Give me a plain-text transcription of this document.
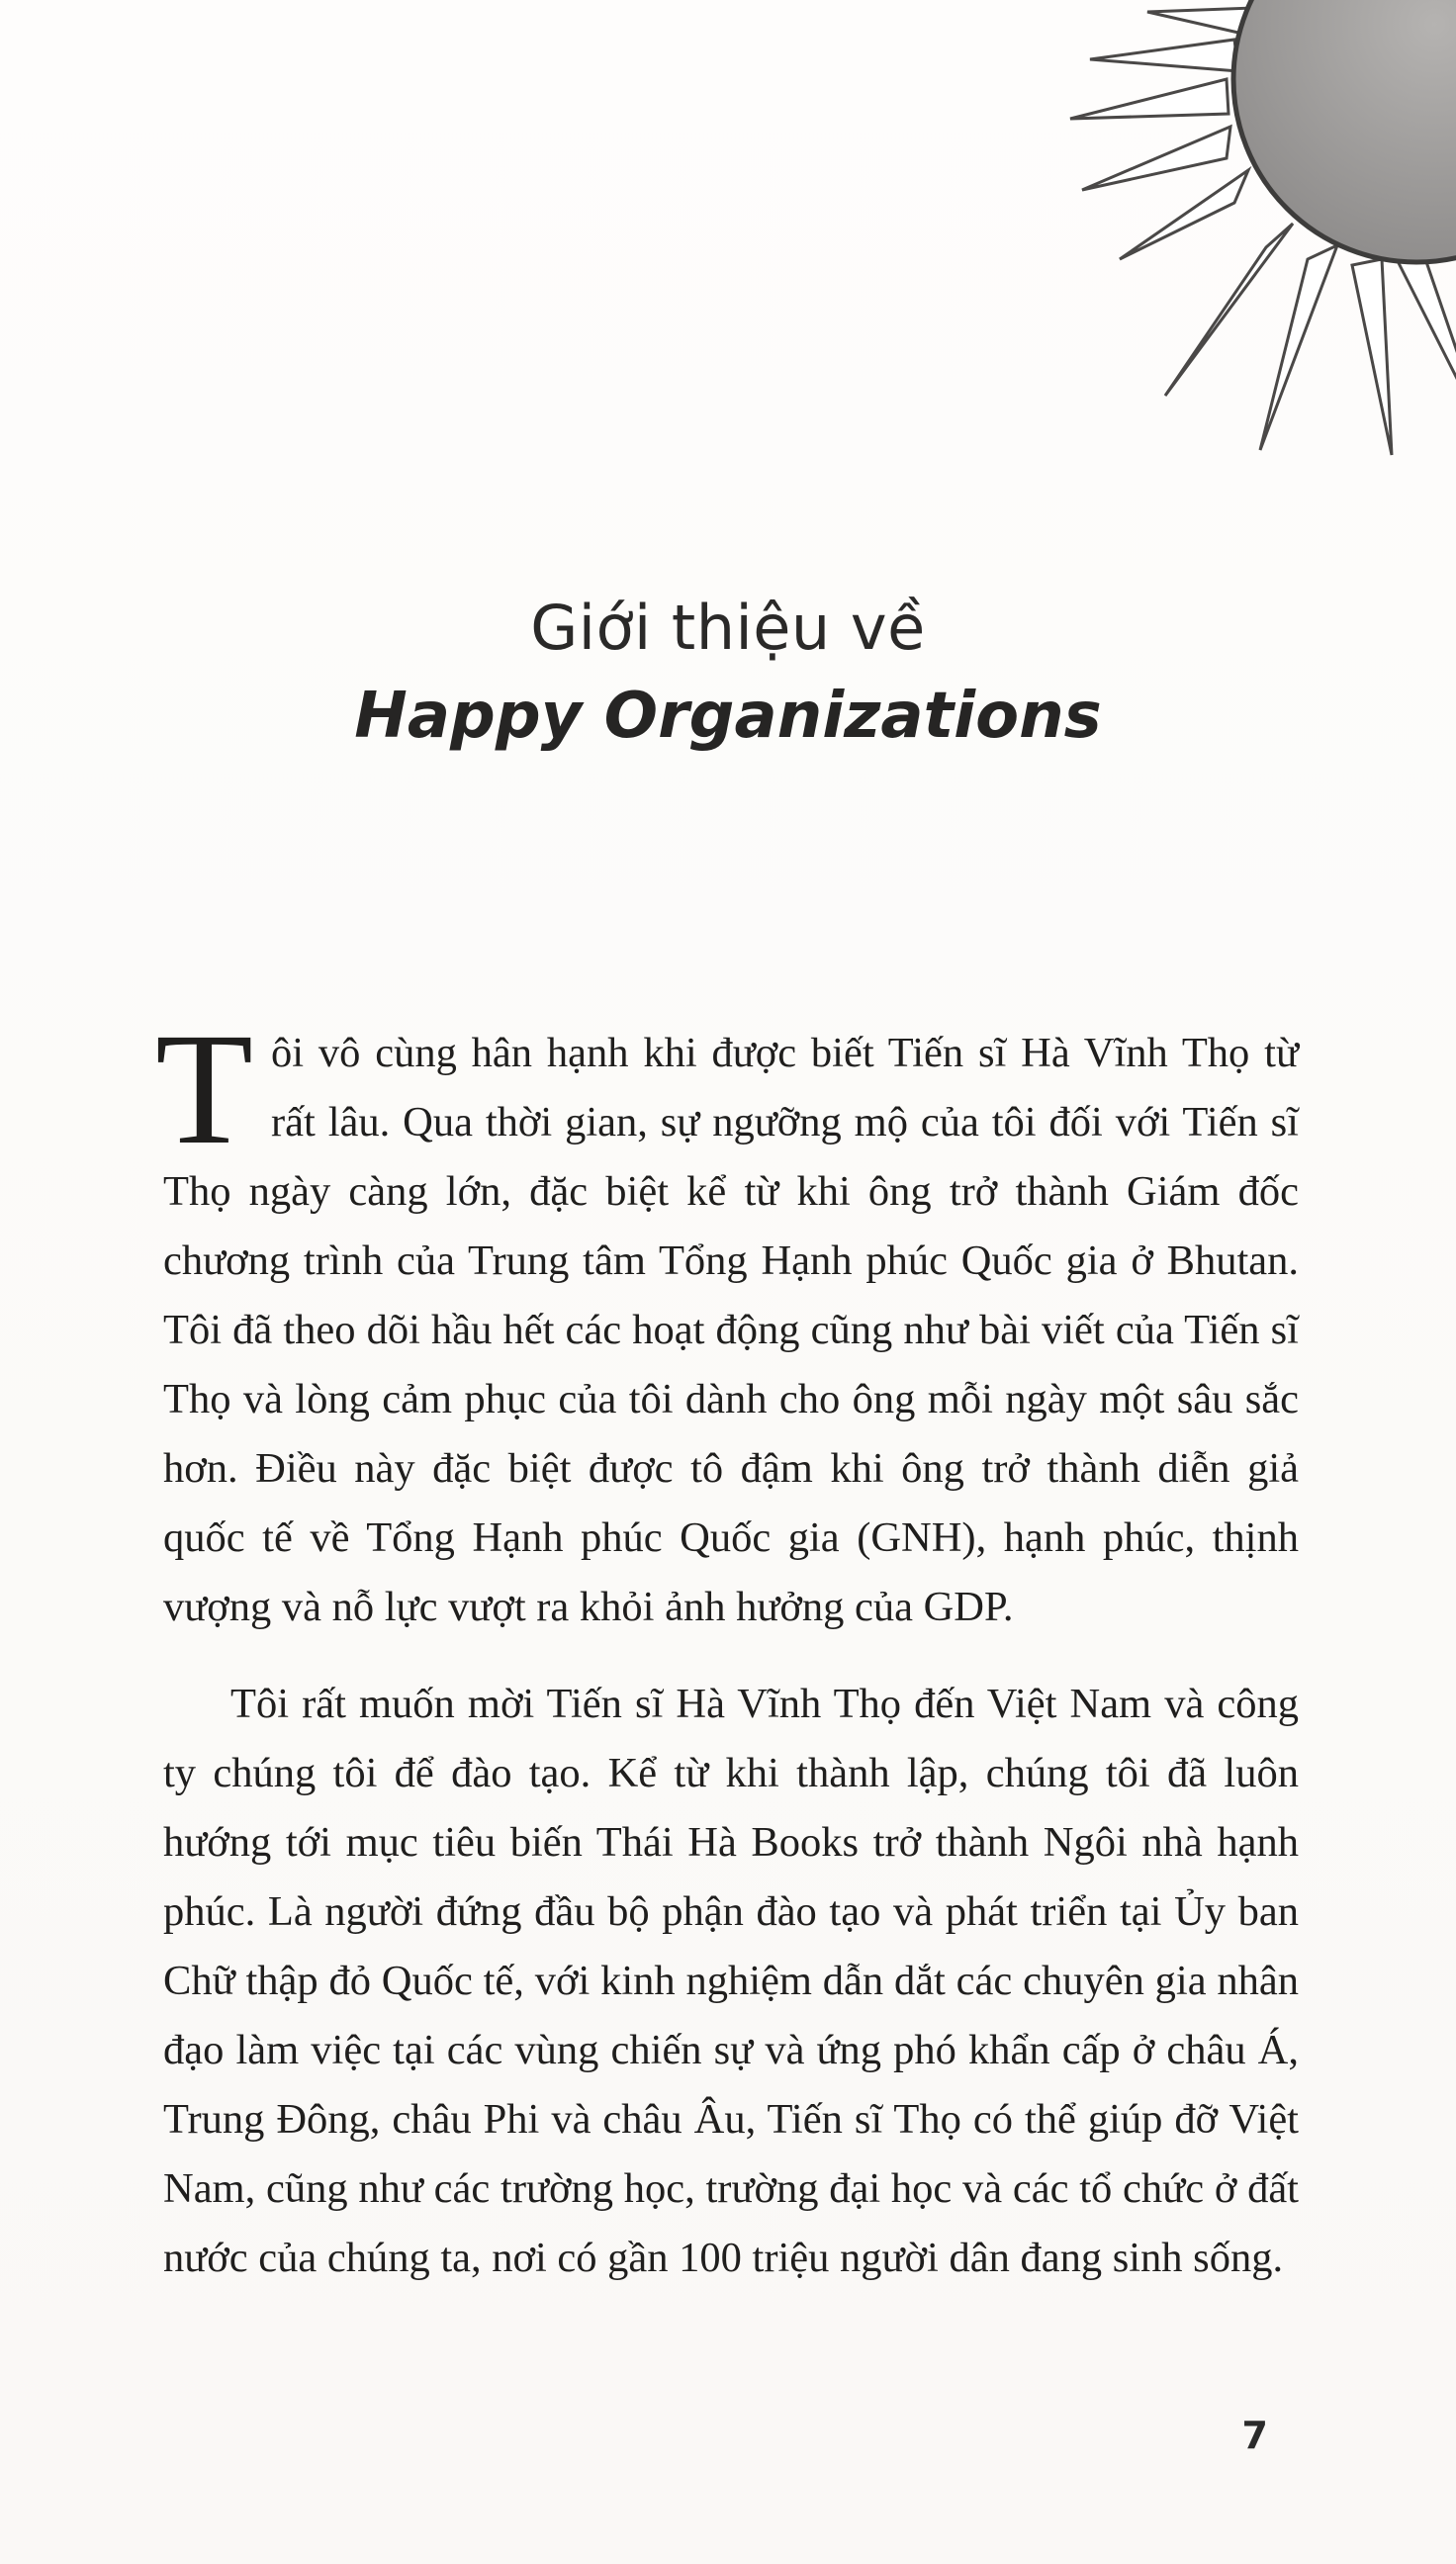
Giới thiệu về
Happy Organizations

Tôi vô cùng hân hạnh khi được biết Tiến sĩ Hà Vĩnh Thọ từ rất lâu. Qua thời gian, sự ngưỡng mộ của tôi đối với Tiến sĩ Thọ ngày càng lớn, đặc biệt kể từ khi ông trở thành Giám đốc chương trình của Trung tâm Tổng Hạnh phúc Quốc gia ở Bhutan. Tôi đã theo dõi hầu hết các hoạt động cũng như bài viết của Tiến sĩ Thọ và lòng cảm phục của tôi dành cho ông mỗi ngày một sâu sắc hơn. Điều này đặc biệt được tô đậm khi ông trở thành diễn giả quốc tế về Tổng Hạnh phúc Quốc gia (GNH), hạnh phúc, thịnh vượng và nỗ lực vượt ra khỏi ảnh hưởng của GDP.

Tôi rất muốn mời Tiến sĩ Hà Vĩnh Thọ đến Việt Nam và công ty chúng tôi để đào tạo. Kể từ khi thành lập, chúng tôi đã luôn hướng tới mục tiêu biến Thái Hà Books trở thành Ngôi nhà hạnh phúc. Là người đứng đầu bộ phận đào tạo và phát triển tại Ủy ban Chữ thập đỏ Quốc tế, với kinh nghiệm dẫn dắt các chuyên gia nhân đạo làm việc tại các vùng chiến sự và ứng phó khẩn cấp ở châu Á, Trung Đông, châu Phi và châu Âu, Tiến sĩ Thọ có thể giúp đỡ Việt Nam, cũng như các trường học, trường đại học và các tổ chức ở đất nước của chúng ta, nơi có gần 100 triệu người dân đang sinh sống.

7
